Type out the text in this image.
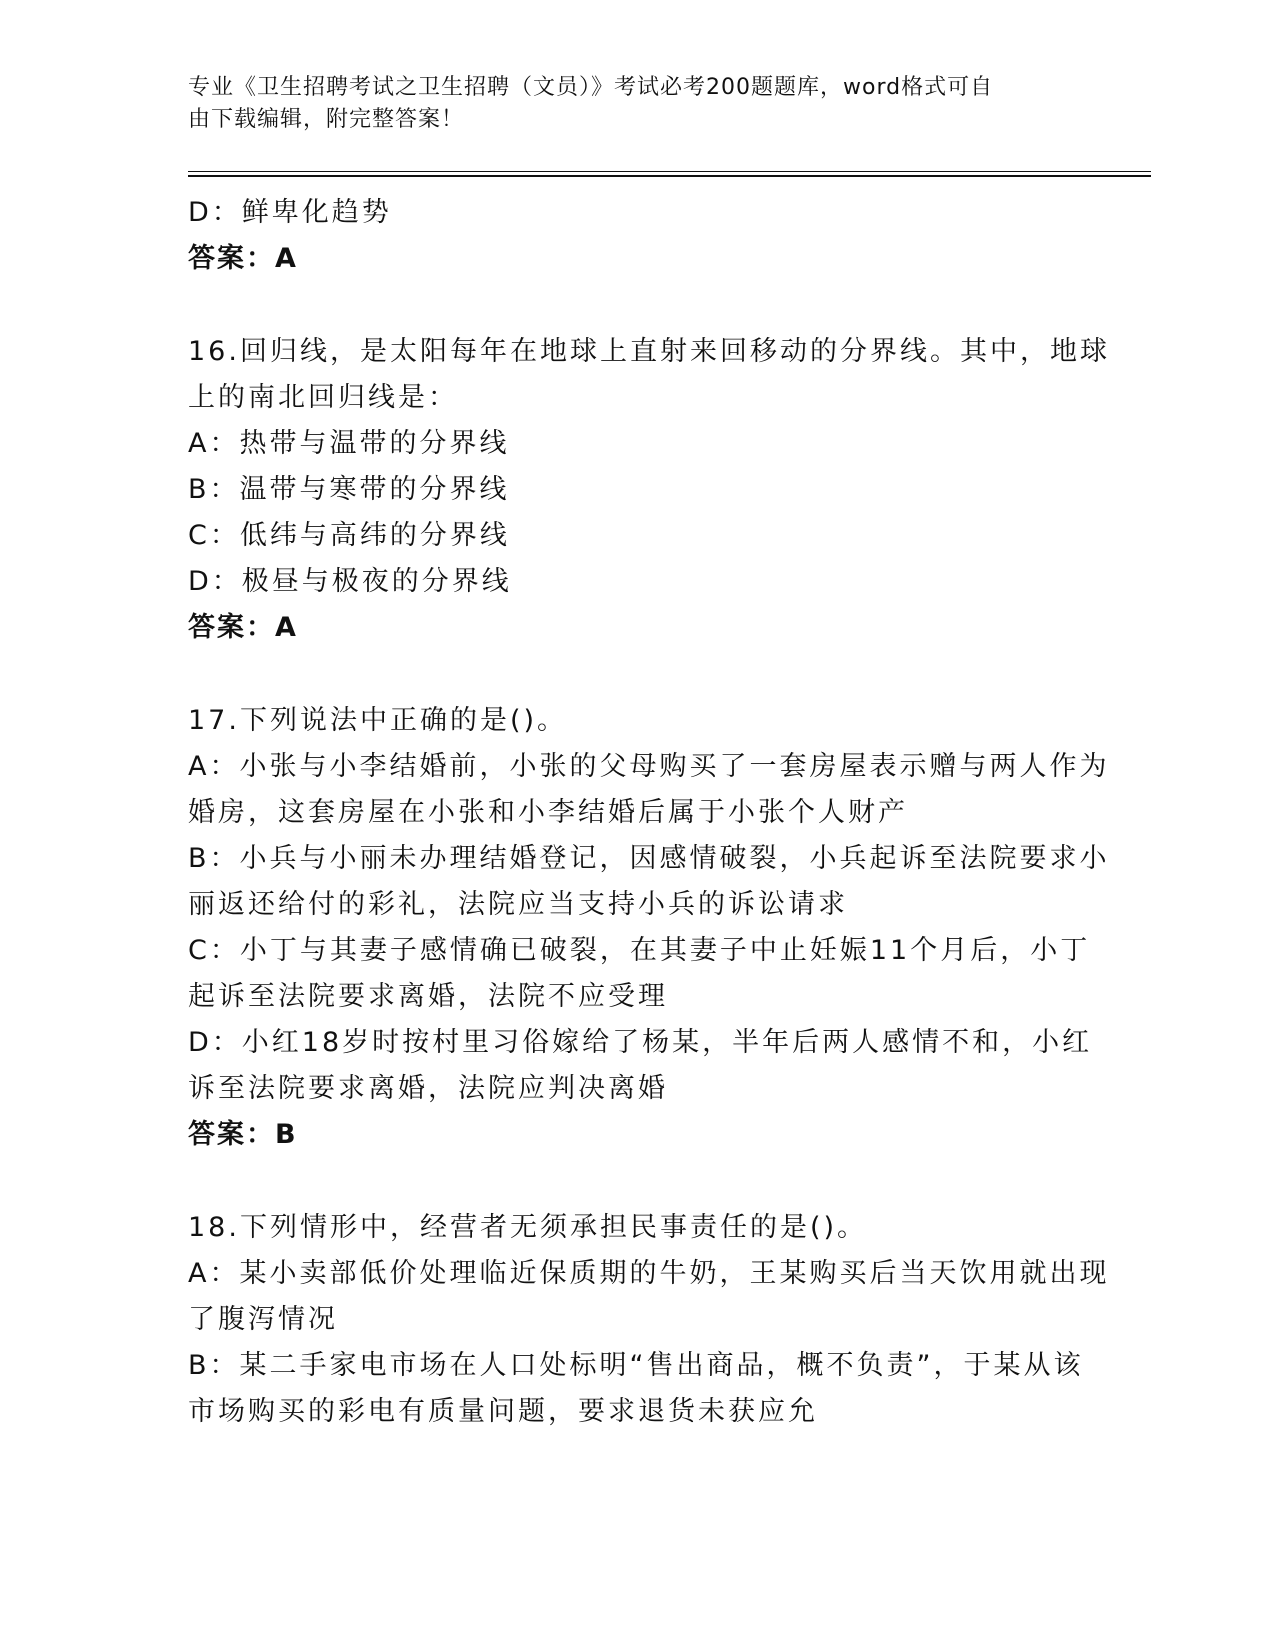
专业《卫生招聘考试之卫生招聘（文员）》考试必考200题题库，word格式可自
由下载编辑，附完整答案！
D：鲜卑化趋势
答案：A
16.回归线，是太阳每年在地球上直射来回移动的分界线。其中，地球
上的南北回归线是：
A：热带与温带的分界线
B：温带与寒带的分界线
C：低纬与高纬的分界线
D：极昼与极夜的分界线
答案：A
17.下列说法中正确的是()。
A：小张与小李结婚前，小张的父母购买了一套房屋表示赠与两人作为
婚房，这套房屋在小张和小李结婚后属于小张个人财产
B：小兵与小丽未办理结婚登记，因感情破裂，小兵起诉至法院要求小
丽返还给付的彩礼，法院应当支持小兵的诉讼请求
C：小丁与其妻子感情确已破裂，在其妻子中止妊娠11个月后，小丁
起诉至法院要求离婚，法院不应受理
D：小红18岁时按村里习俗嫁给了杨某，半年后两人感情不和，小红
诉至法院要求离婚，法院应判决离婚
答案：B
18.下列情形中，经营者无须承担民事责任的是()。
A：某小卖部低价处理临近保质期的牛奶，王某购买后当天饮用就出现
了腹泻情况
B：某二手家电市场在人口处标明“售出商品，概不负责”，于某从该
市场购买的彩电有质量问题，要求退货未获应允
